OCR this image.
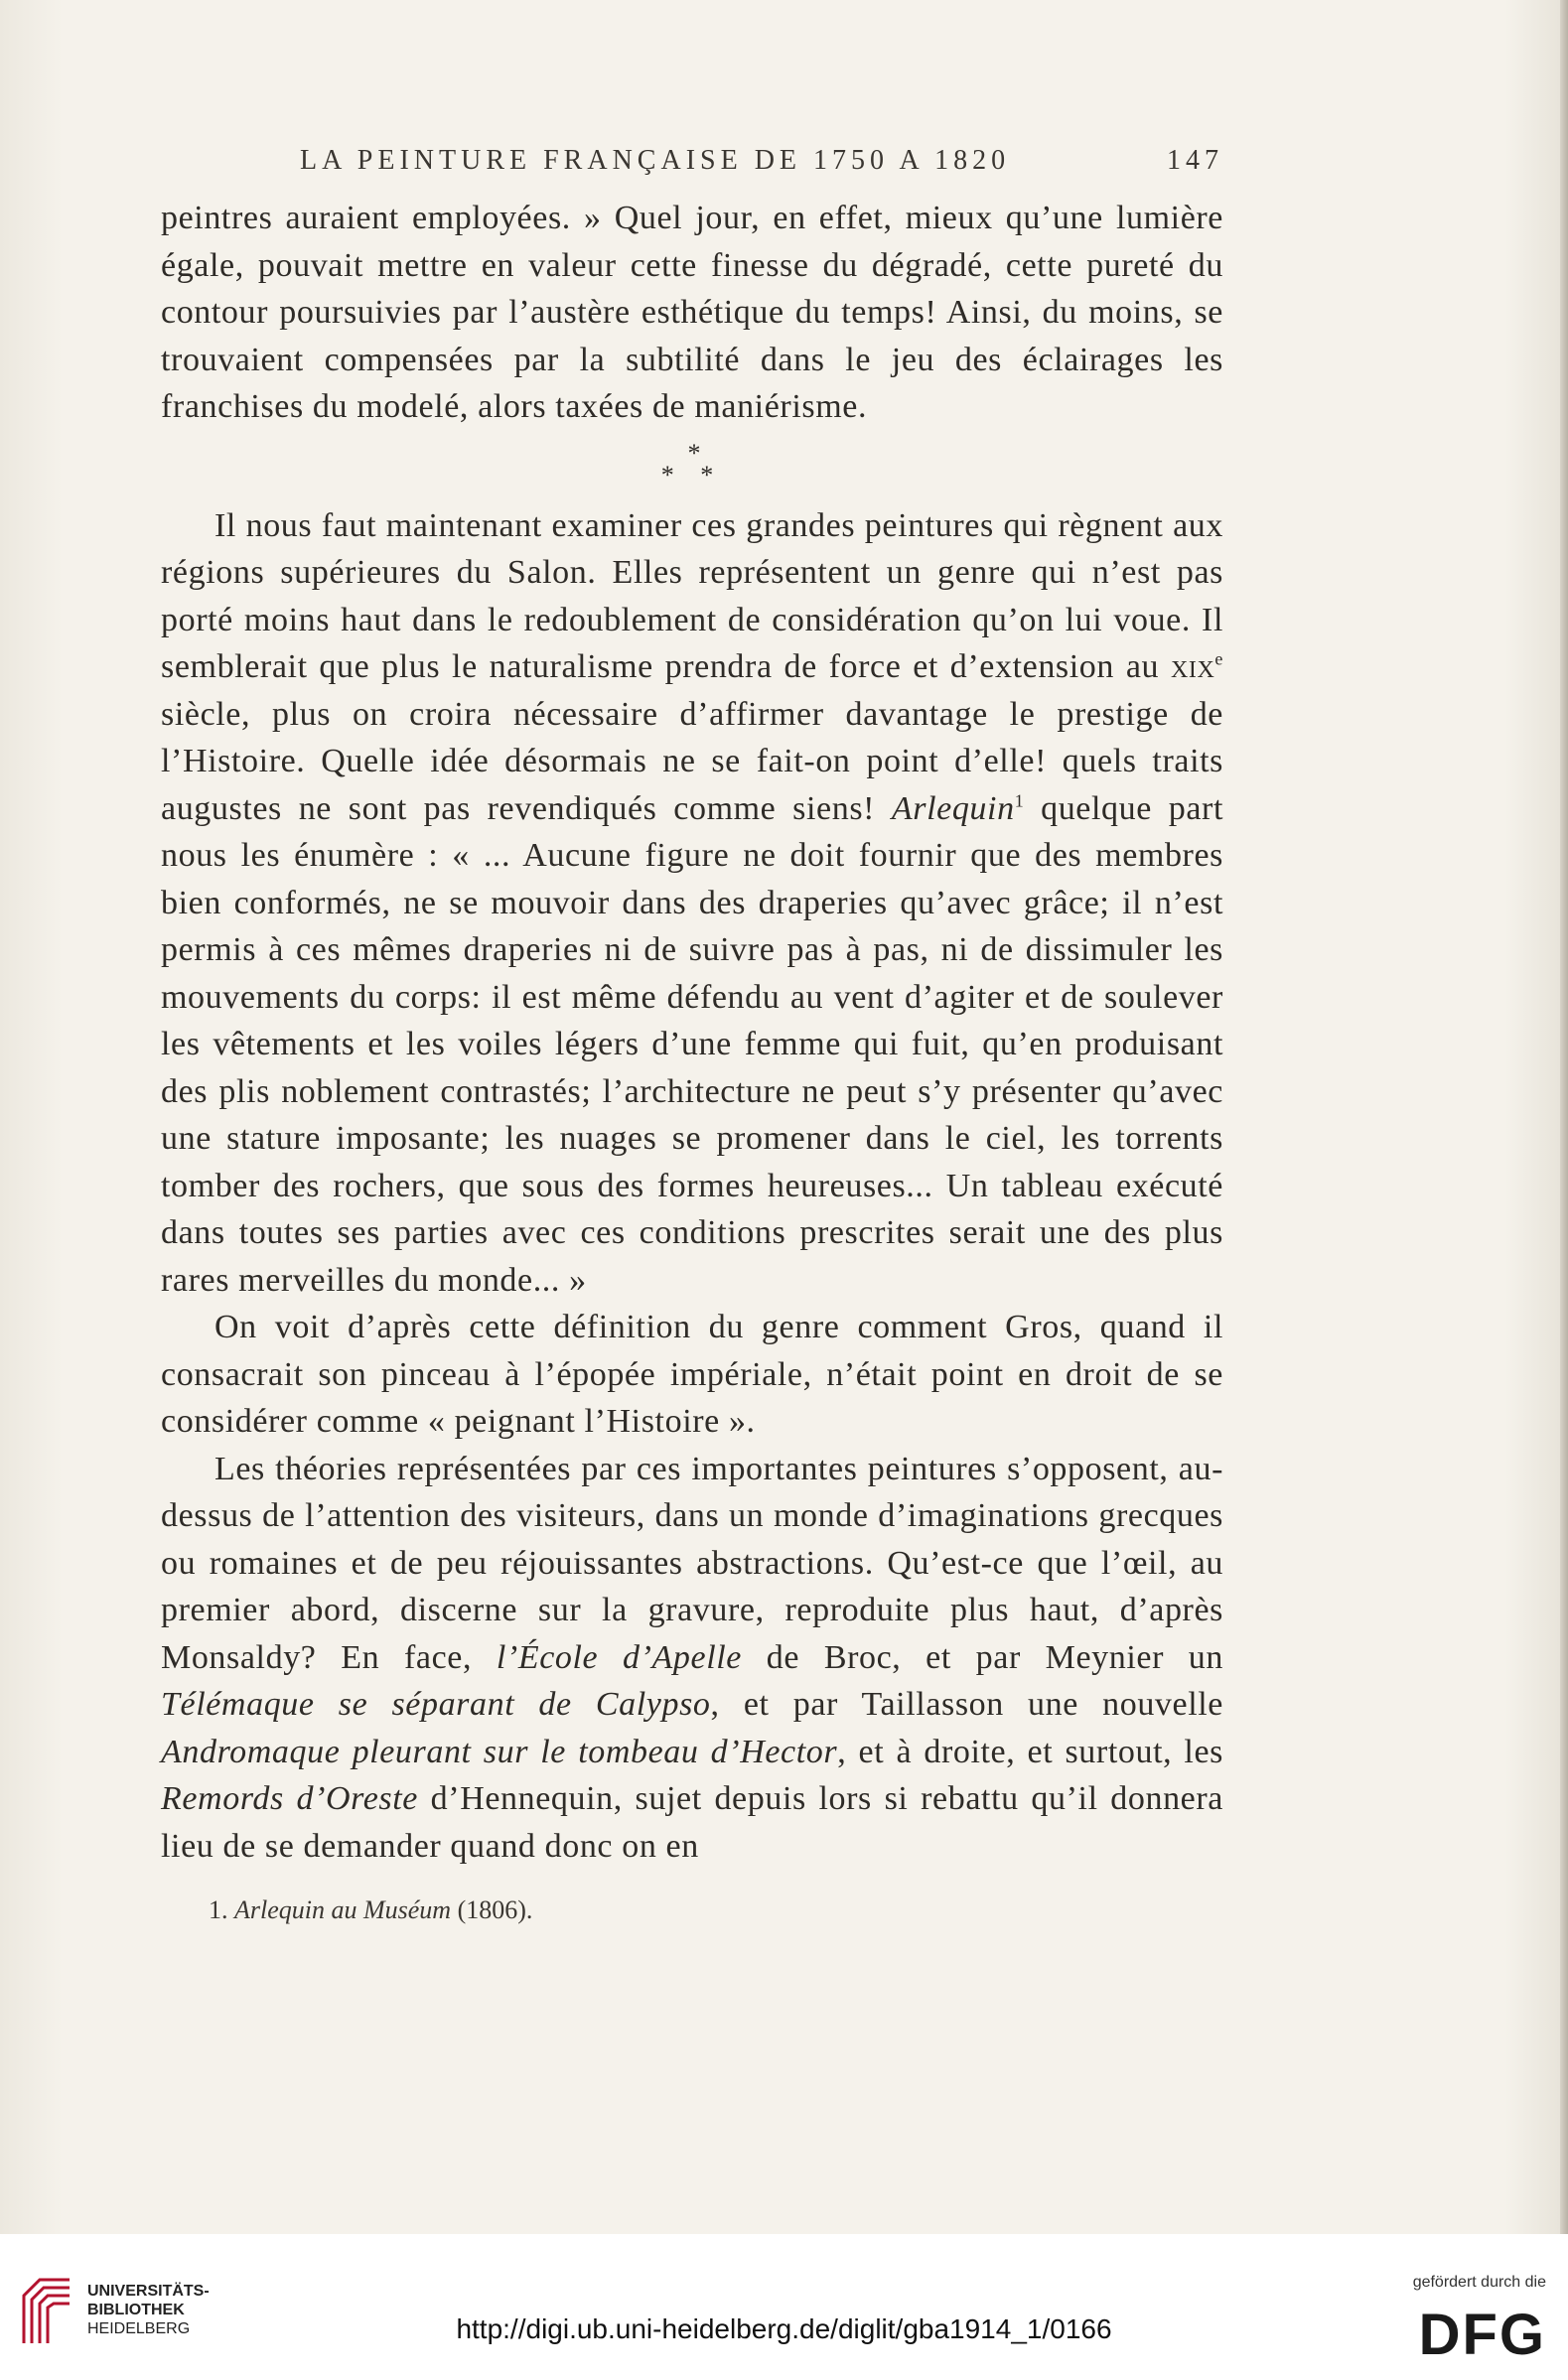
LA PEINTURE FRANÇAISE DE 1750 A 1820	147

peintres auraient employées. » Quel jour, en effet, mieux qu’une lumière égale, pouvait mettre en valeur cette finesse du dégradé, cette pureté du contour poursuivies par l’austère esthétique du temps! Ainsi, du moins, se trouvaient compensées par la subtilité dans le jeu des éclairages les franchises du modelé, alors taxées de maniérisme.

*
* *

Il nous faut maintenant examiner ces grandes peintures qui règnent aux régions supérieures du Salon. Elles représentent un genre qui n’est pas porté moins haut dans le redoublement de considération qu’on lui voue. Il semblerait que plus le naturalisme prendra de force et d’extension au xix$^e$ siècle, plus on croira nécessaire d’affirmer davantage le prestige de l’Histoire. Quelle idée désormais ne se fait-on point d’elle! quels traits augustes ne sont pas revendiqués comme siens! Arlequin$^1$ quelque part nous les énumère : « ... Aucune figure ne doit fournir que des membres bien conformés, ne se mouvoir dans des draperies qu’avec grâce; il n’est permis à ces mêmes draperies ni de suivre pas à pas, ni de dissimuler les mouvements du corps: il est même défendu au vent d’agiter et de soulever les vêtements et les voiles légers d’une femme qui fuit, qu’en produisant des plis noblement contrastés; l’architecture ne peut s’y présenter qu’avec une stature imposante; les nuages se promener dans le ciel, les torrents tomber des rochers, que sous des formes heureuses... Un tableau exécuté dans toutes ses parties avec ces conditions prescrites serait une des plus rares merveilles du monde... »

On voit d’après cette définition du genre comment Gros, quand il consacrait son pinceau à l’épopée impériale, n’était point en droit de se considérer comme « peignant l’Histoire ».

Les théories représentées par ces importantes peintures s’opposent, au-dessus de l’attention des visiteurs, dans un monde d’imaginations grecques ou romaines et de peu réjouissantes abstractions. Qu’est-ce que l’œil, au premier abord, discerne sur la gravure, reproduite plus haut, d’après Monsaldy? En face, l’École d’Apelle de Broc, et par Meynier un Télémaque se séparant de Calypso, et par Taillasson une nouvelle Andromaque pleurant sur le tombeau d’Hector, et à droite, et surtout, les Remords d’Oreste d’Hennequin, sujet depuis lors si rebattu qu’il donnera lieu de se demander quand donc on en

1. Arlequin au Muséum (1806).
UNIVERSITÄTS-
BIBLIOTHEK
HEIDELBERG	http://digi.ub.uni-heidelberg.de/diglit/gba1914_1/0166
gefördert durch die
DFG
